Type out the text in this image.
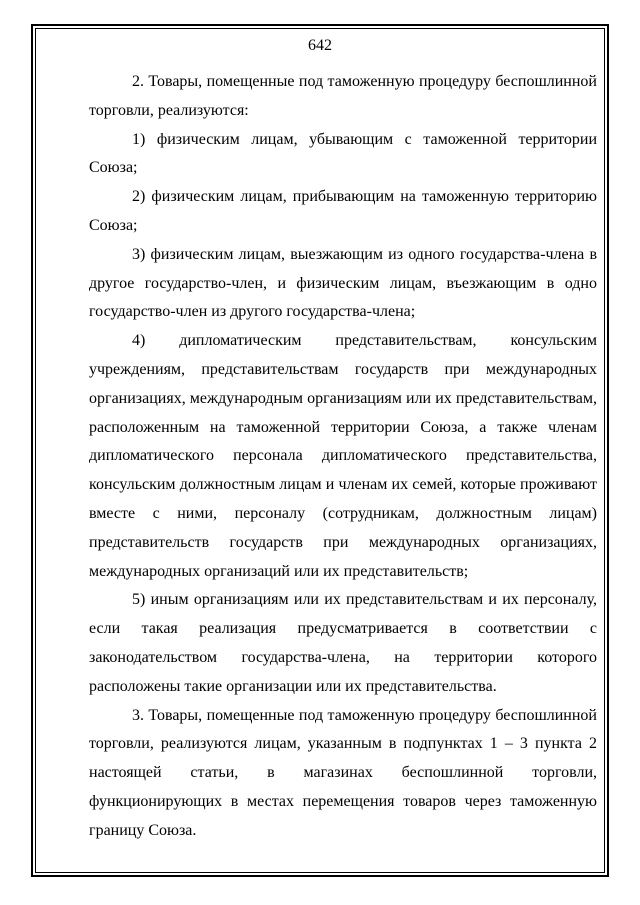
642

2. Товары, помещенные под таможенную процедуру беспошлинной торговли, реализуются:

1) физическим лицам, убывающим с таможенной территории Союза;

2) физическим лицам, прибывающим на таможенную территорию Союза;

3) физическим лицам, выезжающим из одного государства-члена в другое государство-член, и физическим лицам, въезжающим в одно государство-член из другого государства-члена;

4) дипломатическим представительствам, консульским учреждениям, представительствам государств при международных организациях, международным организациям или их представительствам, расположенным на таможенной территории Союза, а также членам дипломатического персонала дипломатического представительства, консульским должностным лицам и членам их семей, которые проживают вместе с ними, персоналу (сотрудникам, должностным лицам) представительств государств при международных организациях, международных организаций или их представительств;

5) иным организациям или их представительствам и их персоналу, если такая реализация предусматривается в соответствии с законодательством государства-члена, на территории которого расположены такие организации или их представительства.

3. Товары, помещенные под таможенную процедуру беспошлинной торговли, реализуются лицам, указанным в подпунктах 1 – 3 пункта 2 настоящей статьи, в магазинах беспошлинной торговли, функционирующих в местах перемещения товаров через таможенную границу Союза.
